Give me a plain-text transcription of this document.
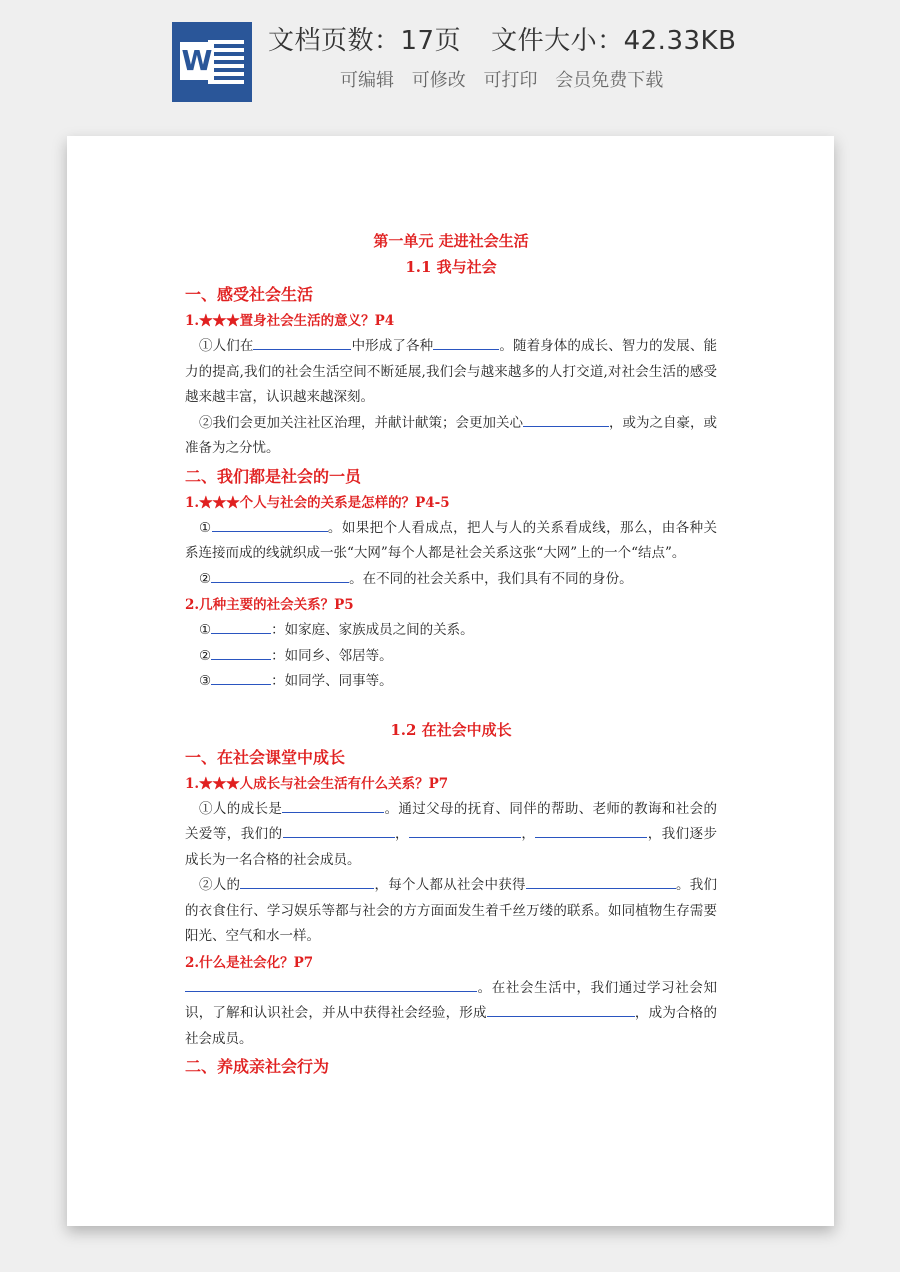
W
文档页数：17页 文件大小：42.33KB
可编辑 可修改 可打印 会员免费下载
第一单元 走进社会生活
1.1 我与社会
一、感受社会生活
1.★★★置身社会生活的意义？P4
①人们在	中形成了各种	。随着身体的成长、智力的发展、能力的提高,我们的社会生活空间不断延展,我们会与越来越多的人打交道,对社会生活的感受越来越丰富，认识越来越深刻。
②我们会更加关注社区治理，并献计献策；会更加关心	，或为之自豪，或准备为之分忧。
二、我们都是社会的一员
1.★★★个人与社会的关系是怎样的？P4-5
①	。如果把个人看成点，把人与人的关系看成线，那么，由各种关系连接而成的线就织成一张“大网”每个人都是社会关系这张“大网”上的一个“结点”。
②	。在不同的社会关系中，我们具有不同的身份。
2.几种主要的社会关系？P5
①	：如家庭、家族成员之间的关系。
②	：如同乡、邻居等。
③	：如同学、同事等。
1.2 在社会中成长
一、在社会课堂中成长
1.★★★人成长与社会生活有什么关系？P7
①人的成长是	。通过父母的抚育、同伴的帮助、老师的教诲和社会的关爱等，我们的	，	，	，我们逐步成长为一名合格的社会成员。
②人的	，每个人都从社会中获得	。我们的衣食住行、学习娱乐等都与社会的方方面面发生着千丝万缕的联系。如同植物生存需要阳光、空气和水一样。
2.什么是社会化？P7
。在社会生活中，我们通过学习社会知识，了解和认识社会，并从中获得社会经验，形成	，成为合格的社会成员。
二、养成亲社会行为
